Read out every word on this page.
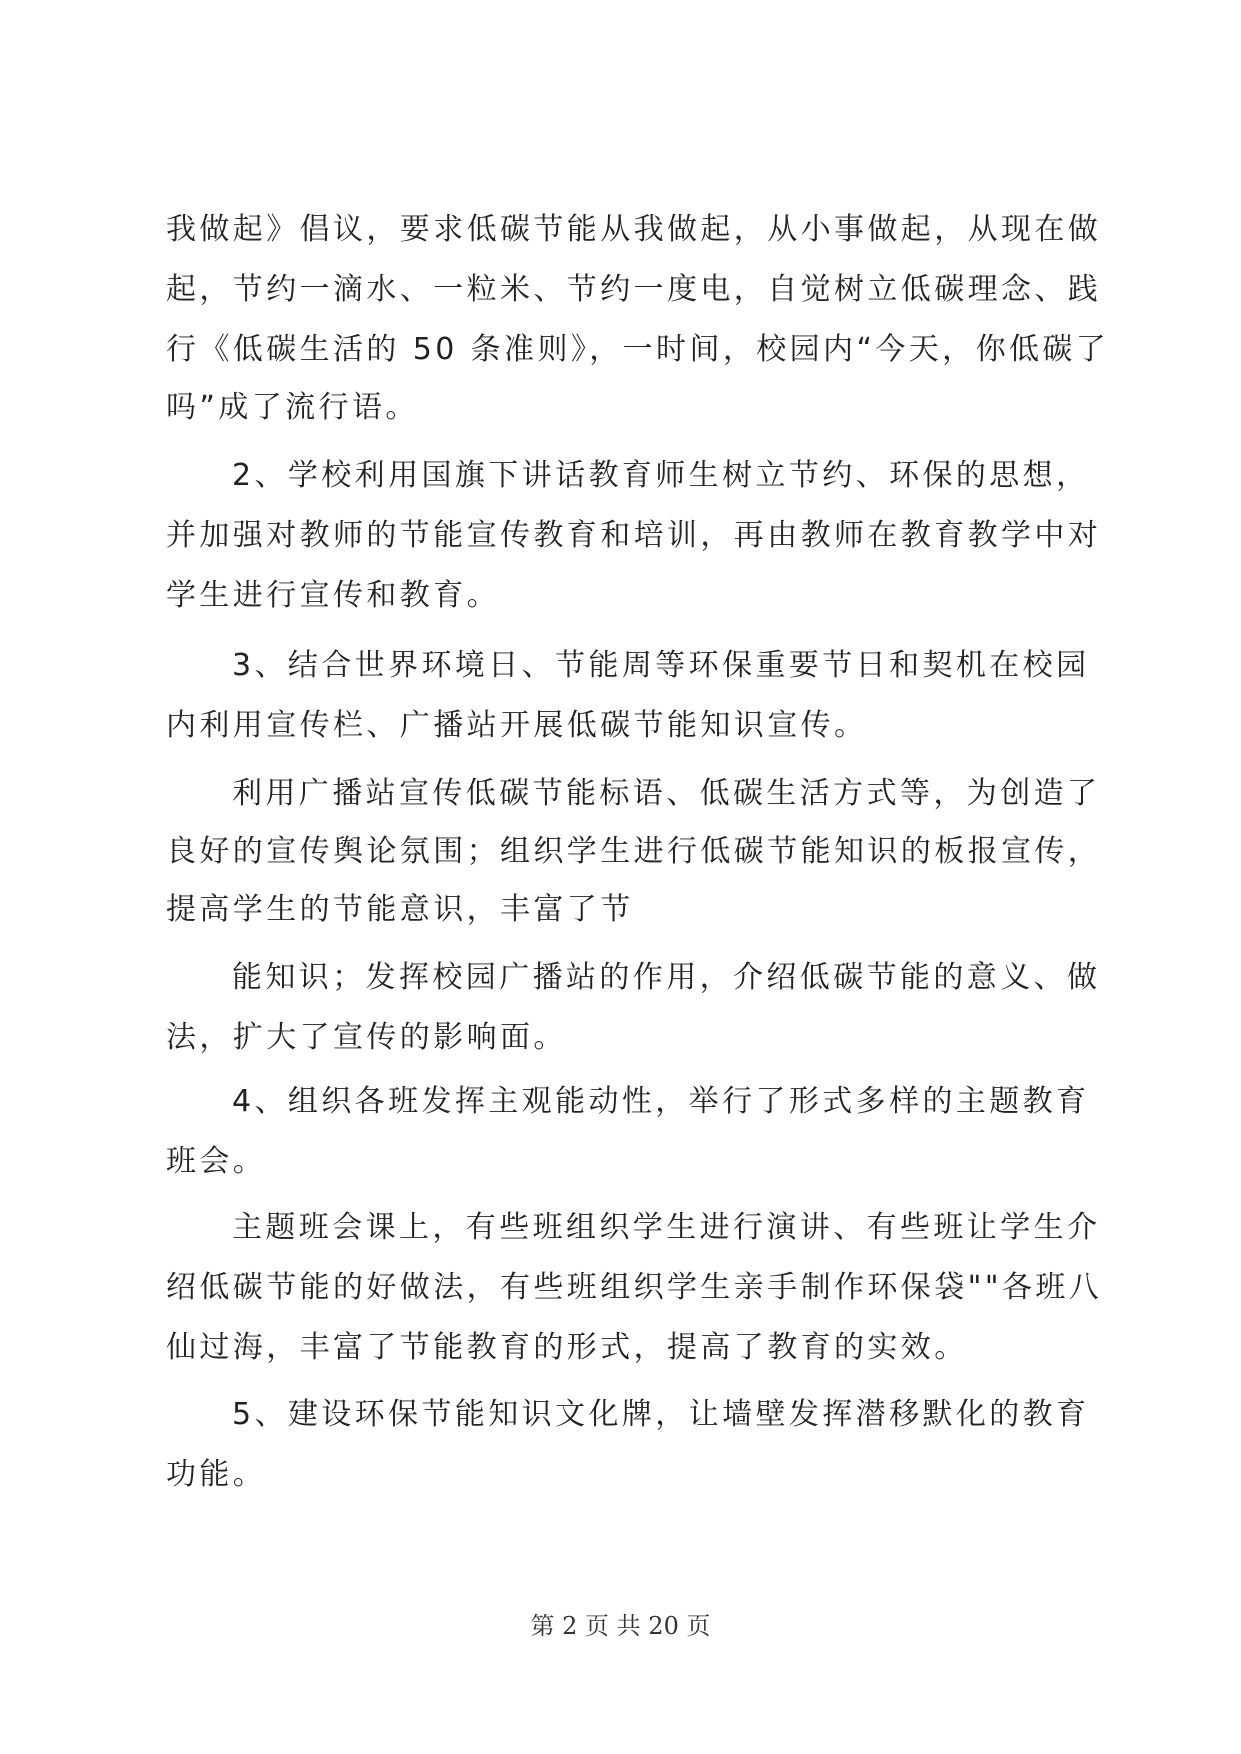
我做起》倡议，要求低碳节能从我做起，从小事做起，从现在做
起，节约一滴水、一粒米、节约一度电，自觉树立低碳理念、践
行《低碳生活的 50 条准则》，一时间，校园内“今天，你低碳了
吗”成了流行语。
2、学校利用国旗下讲话教育师生树立节约、环保的思想，
并加强对教师的节能宣传教育和培训，再由教师在教育教学中对
学生进行宣传和教育。
3、结合世界环境日、节能周等环保重要节日和契机在校园
内利用宣传栏、广播站开展低碳节能知识宣传。
利用广播站宣传低碳节能标语、低碳生活方式等，为创造了
良好的宣传舆论氛围；组织学生进行低碳节能知识的板报宣传，
提高学生的节能意识，丰富了节
能知识；发挥校园广播站的作用，介绍低碳节能的意义、做
法，扩大了宣传的影响面。
4、组织各班发挥主观能动性，举行了形式多样的主题教育
班会。
主题班会课上，有些班组织学生进行演讲、有些班让学生介
绍低碳节能的好做法，有些班组织学生亲手制作环保袋""各班八
仙过海，丰富了节能教育的形式，提高了教育的实效。
5、建设环保节能知识文化牌，让墙壁发挥潜移默化的教育
功能。
第 2 页 共 20 页
